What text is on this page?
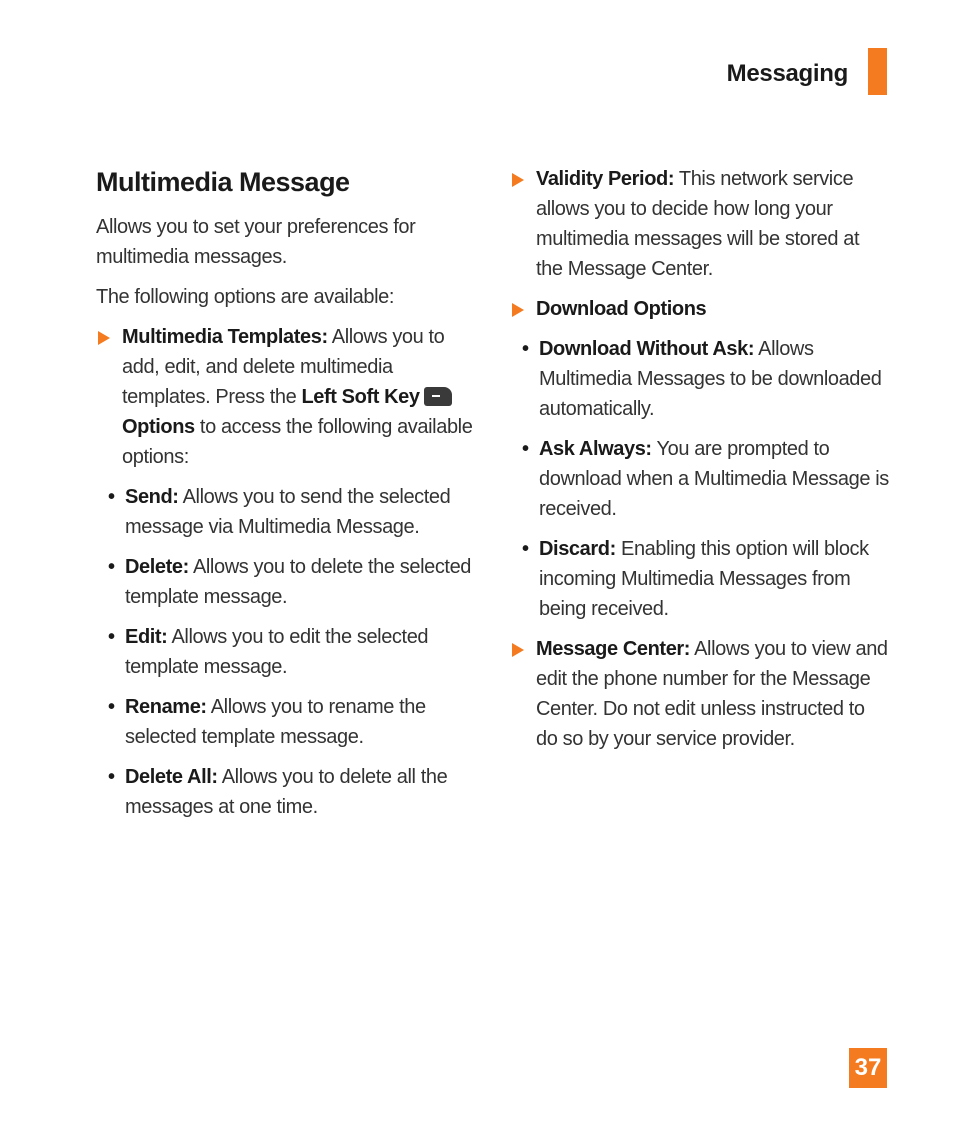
Messaging
Multimedia Message

Allows you to set your preferences for multimedia messages.

The following options are available:

Multimedia Templates: Allows you to add, edit, and delete multimedia templates. Press the Left Soft KeyOptions to access the following available options:
• Send: Allows you to send the selected message via Multimedia Message.
• Delete: Allows you to delete the selected template message.
• Edit: Allows you to edit the selected template message.
• Rename: Allows you to rename the selected template message.
• Delete All: Allows you to delete all the messages at one time.
Validity Period: This network service allows you to decide how long your multimedia messages will be stored at the Message Center.
Download Options
• Download Without Ask: Allows Multimedia Messages to be downloaded automatically.
• Ask Always: You are prompted to download when a Multimedia Message is received.
• Discard: Enabling this option will block incoming Multimedia Messages from being received.
Message Center: Allows you to view and edit the phone number for the Message Center. Do not edit unless instructed to do so by your service provider.
37
